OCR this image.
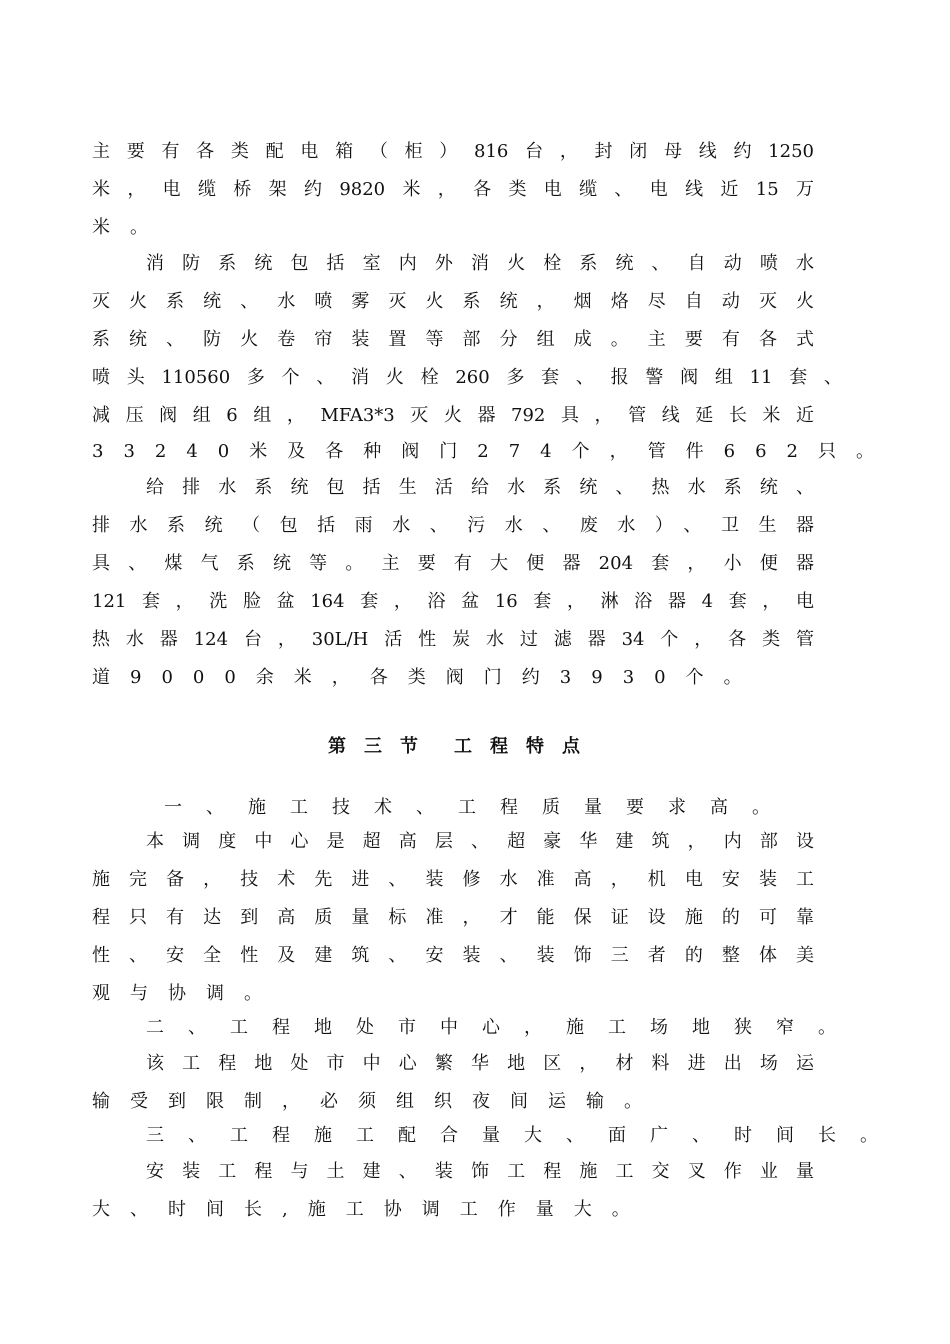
主要有各类配电箱（柜）816台，封闭母线约1250
米，电缆桥架约9820米，各类电缆、电线近15万
米。
消防系统包括室内外消火栓系统、自动喷水
灭火系统、水喷雾灭火系统，烟烙尽自动灭火
系统、防火卷帘装置等部分组成。主要有各式
喷头110560多个、消火栓260多套、报警阀组11套、
减压阀组6组，MFA3*3灭火器792具，管线延长米近
33240米及各种阀门274个，管件662只。
给排水系统包括生活给水系统、热水系统、
排水系统（包括雨水、污水、废水）、卫生器
具、煤气系统等。主要有大便器204套，小便器
121套，洗脸盆164套，浴盆16套，淋浴器4套，电
热水器124台，30L/H活性炭水过滤器34个，各类管
道9000余米，各类阀门约3930个。
第三节 工程特点
一、施工技术、工程质量要求高。
本调度中心是超高层、超豪华建筑，内部设
施完备，技术先进、装修水准高，机电安装工
程只有达到高质量标准，才能保证设施的可靠
性、安全性及建筑、安装、装饰三者的整体美
观与协调。
二、工程地处市中心，施工场地狭窄。
该工程地处市中心繁华地区，材料进出场运
输受到限制，必须组织夜间运输。
三、工程施工配合量大、面广、时间长。
安装工程与土建、装饰工程施工交叉作业量
大、时间长,施工协调工作量大。
